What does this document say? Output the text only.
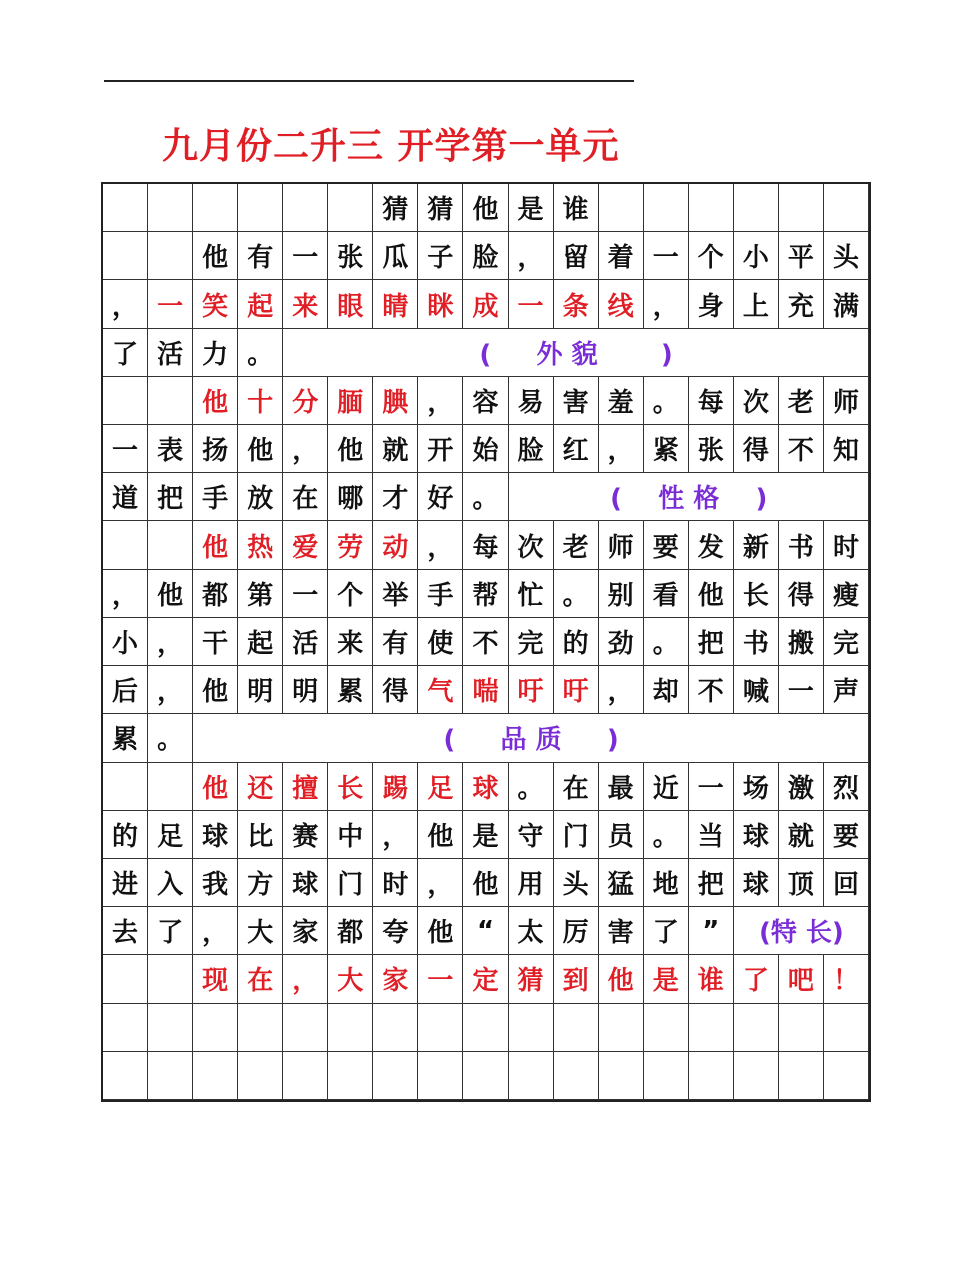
九月份二升三 开学第一单元
猜 猜 他 是 谁
他 有 一 张 瓜 子 脸 ， 留 着 一 个 小 平 头
， 一 笑 起 来 眼 睛 眯 成 一 条 线 ， 身 上 充 满
了 活 力 。	(     外 貌       )
他 十 分 腼 腆 ， 容 易 害 羞 。 每 次 老 师
一 表 扬 他 ， 他 就 开 始 脸 红 ， 紧 张 得 不 知
道 把 手 放 在 哪 才 好 。	(    性 格    )
他 热 爱 劳 动 ， 每 次 老 师 要 发 新 书 时
， 他 都 第 一 个 举 手 帮 忙 。 别 看 他 长 得 瘦
小 ， 干 起 活 来 有 使 不 完 的 劲 。 把 书 搬 完
后 ， 他 明 明 累 得 气 喘 吁 吁 ， 却 不 喊 一 声
累 。	(     品 质     )
他 还 擅 长 踢 足 球 。 在 最 近 一 场 激 烈
的 足 球 比 赛 中 ， 他 是 守 门 员 。 当 球 就 要
进 入 我 方 球 门 时 ， 他 用 头 猛 地 把 球 顶 回
去 了 ， 大 家 都 夸 他 “ 太 厉 害 了 ”	(特 长)
现 在 ， 大 家 一 定 猜 到 他 是 谁 了 吧 ！
